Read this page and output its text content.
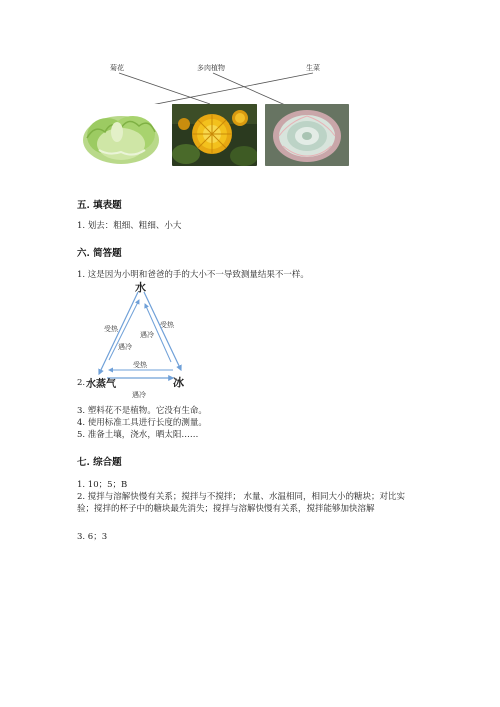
菊花	多肉植物	生菜
五. 填表题
1. 划去：粗细、粗细、小大
六. 简答题
1. 这是因为小明和爸爸的手的大小不一导致测量结果不一样。
水
受热
遇冷
遇冷
受热
受热
2. 水蒸气	冰
遇冷
3. 塑料花不是植物。它没有生命。
4. 使用标准工具进行长度的测量。
5. 准备土壤，浇水，晒太阳……
七. 综合题
1. 10；5；B
2. 搅拌与溶解快慢有关系；搅拌与不搅拌； 水量、水温相同，相同大小的糖块；对比实验；搅拌的杯子中的糖块最先消失；搅拌与溶解快慢有关系，搅拌能够加快溶解
3. 6；3
